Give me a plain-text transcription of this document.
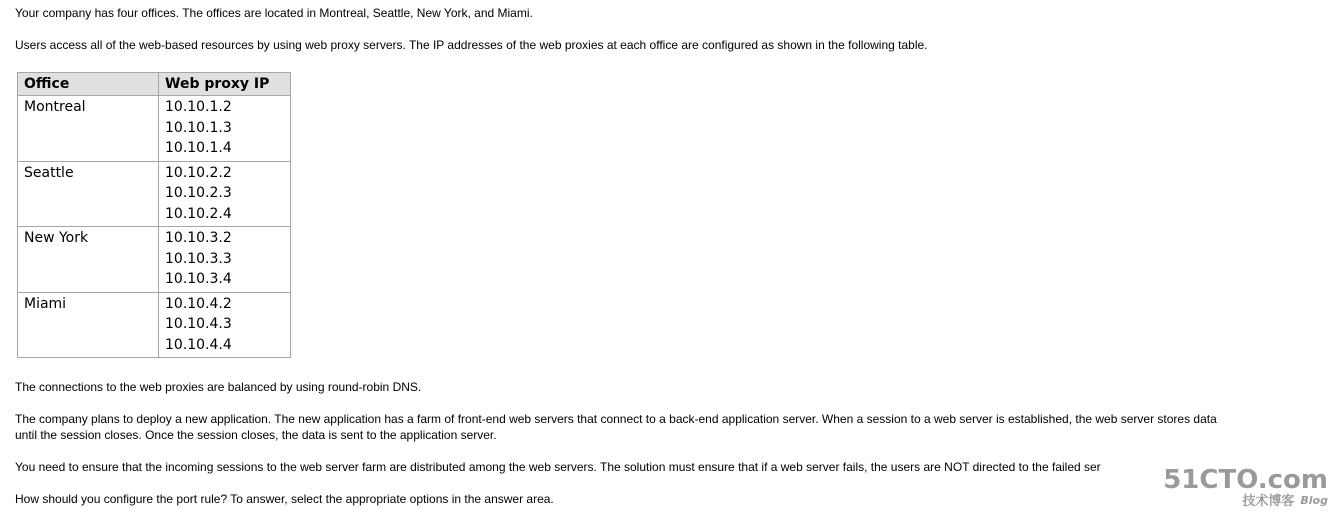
Your company has four offices. The offices are located in Montreal, Seattle, New York, and Miami.

Users access all of the web-based resources by using web proxy servers. The IP addresses of the web proxies at each office are configured as shown in the following table.

Office	Web proxy IP
Montreal	10.10.1.2
10.10.1.3
10.10.1.4

Seattle	10.10.2.2
10.10.2.3
10.10.2.4

New York	10.10.3.2
10.10.3.3
10.10.3.4

Miami	10.10.4.2
10.10.4.3
10.10.4.4

The connections to the web proxies are balanced by using round-robin DNS.

The company plans to deploy a new application. The new application has a farm of front-end web servers that connect to a back-end application server. When a session to a web server is established, the web server stores data
until the session closes. Once the session closes, the data is sent to the application server.

You need to ensure that the incoming sessions to the web server farm are distributed among the web servers. The solution must ensure that if a web server fails, the users are NOT directed to the failed ser

How should you configure the port rule? To answer, select the appropriate options in the answer area.

51CTO.com
技术博客 $^{Blog}$
